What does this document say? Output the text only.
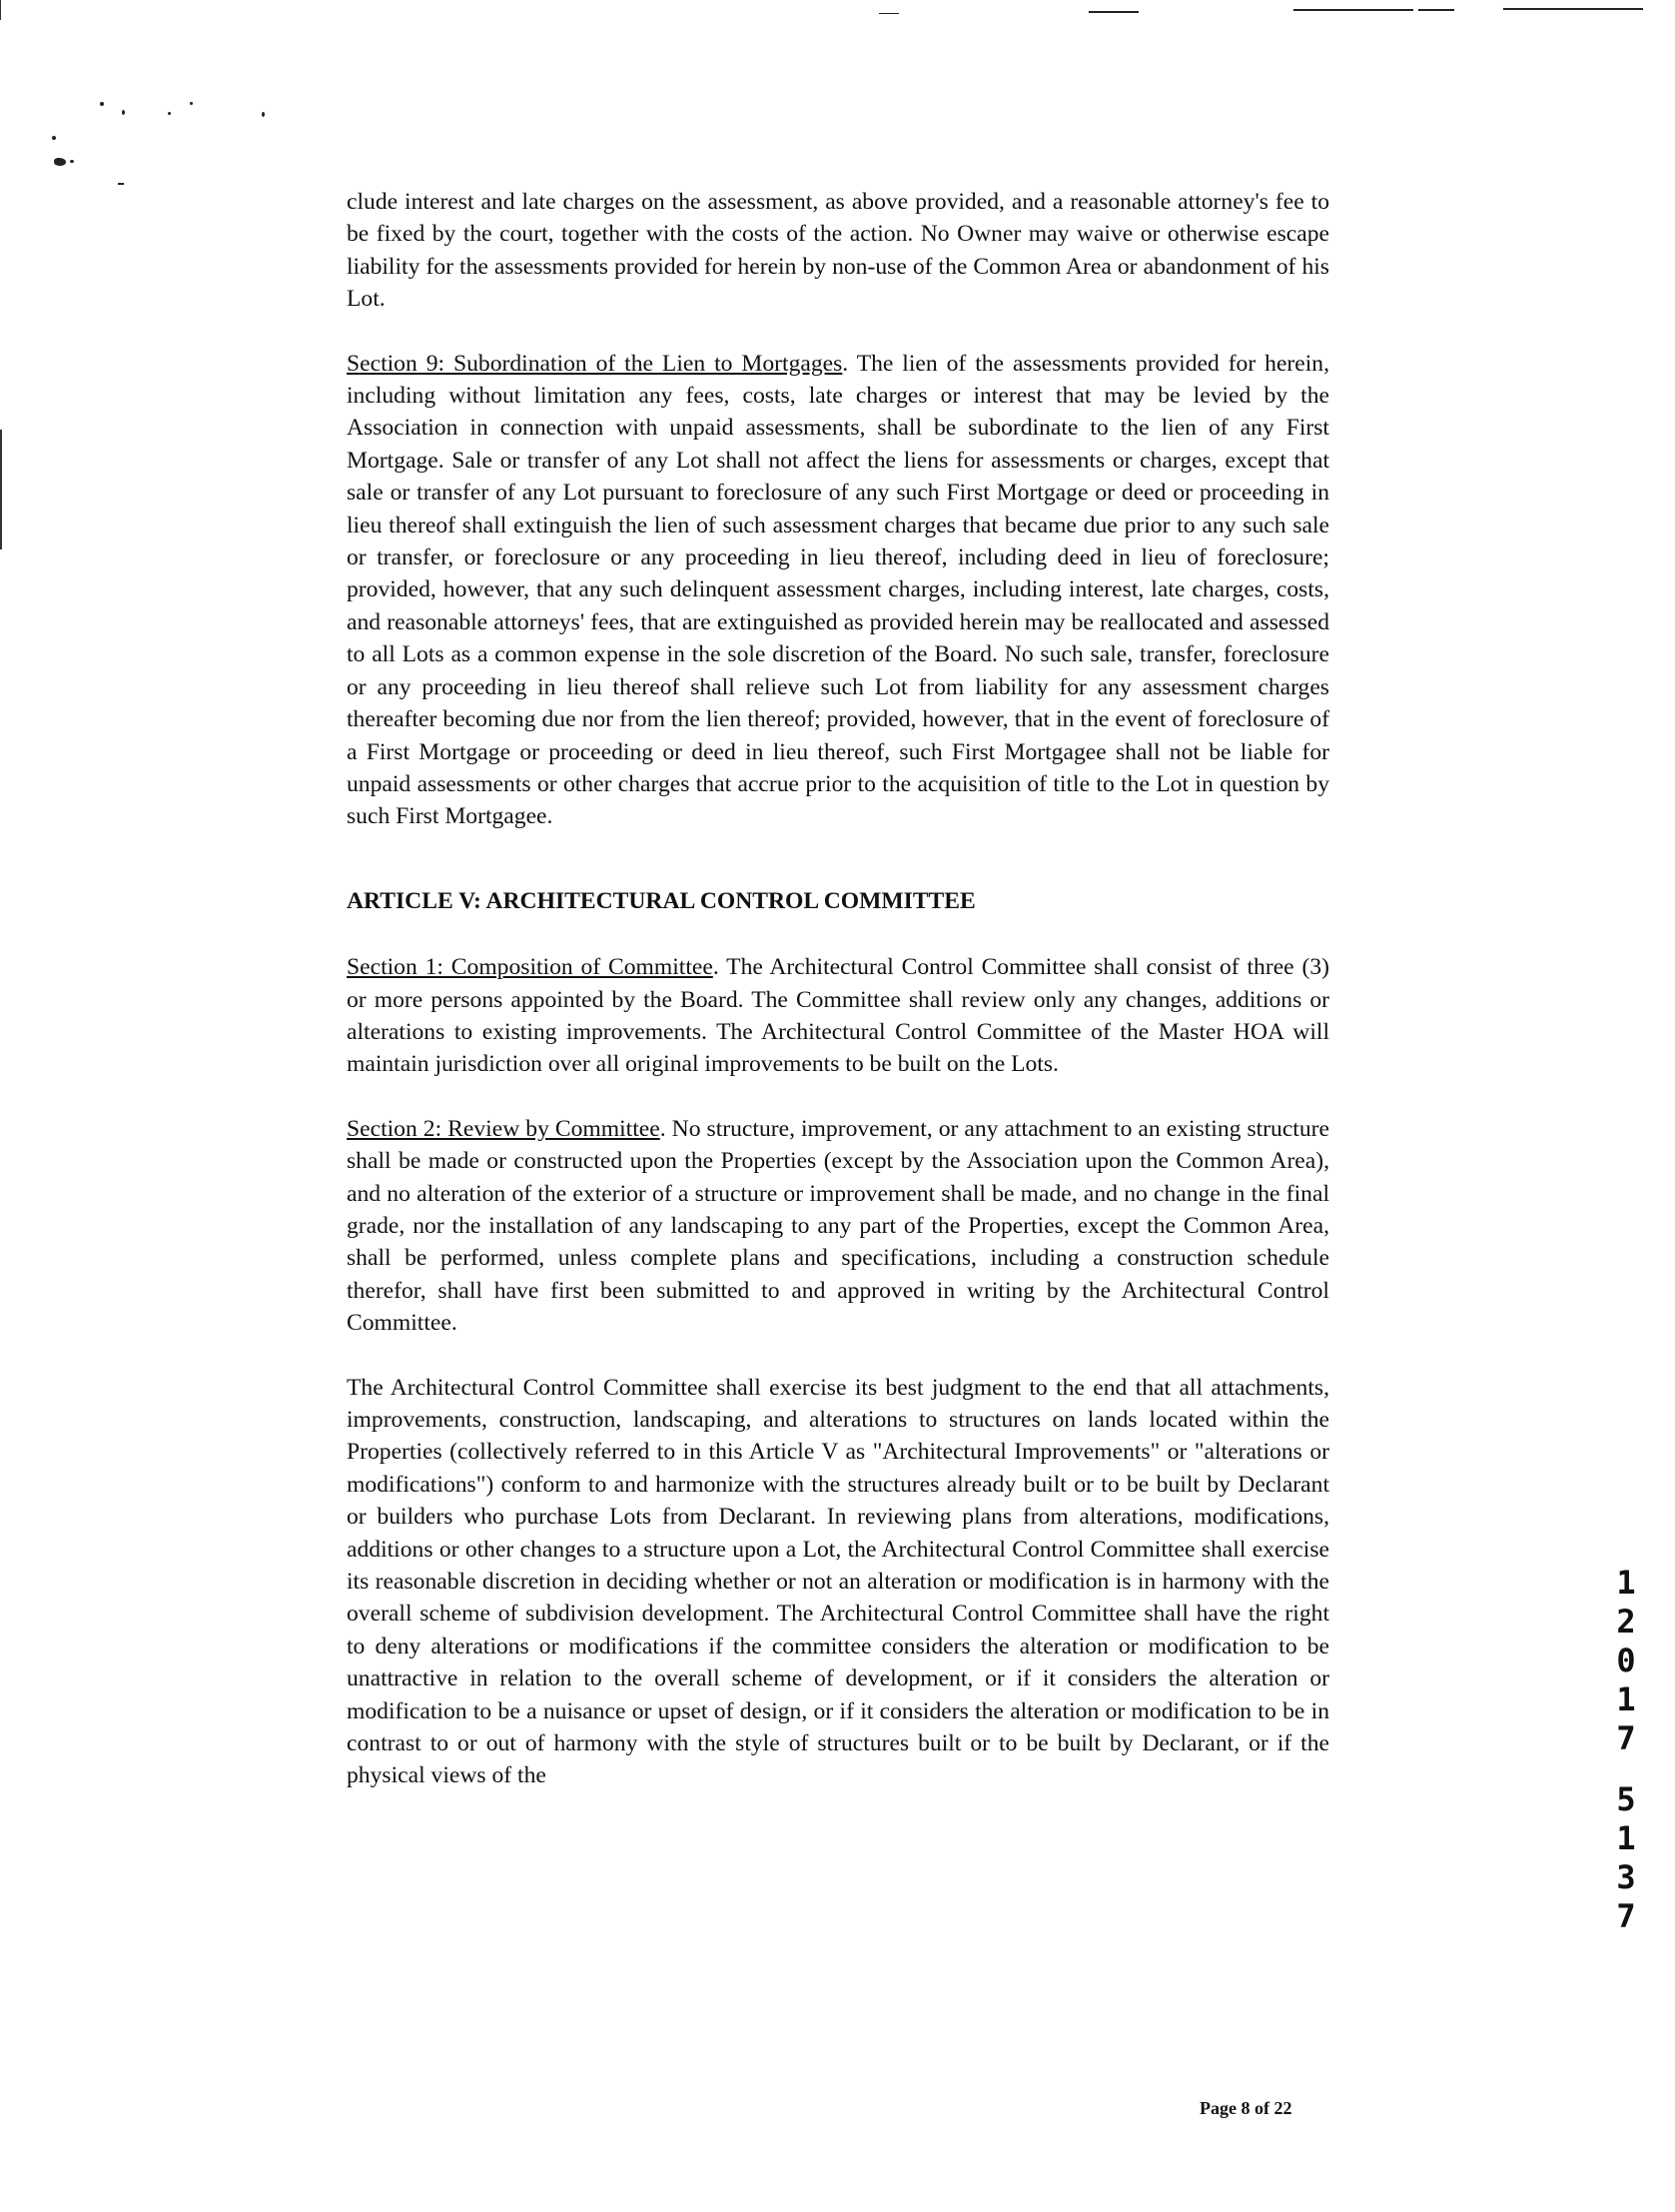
clude interest and late charges on the assessment, as above provided, and a reasonable attorney's fee to be fixed by the court, together with the costs of the action. No Owner may waive or otherwise escape liability for the assessments provided for herein by non-use of the Common Area or abandonment of his Lot.

Section 9: Subordination of the Lien to Mortgages. The lien of the assessments provided for herein, including without limitation any fees, costs, late charges or interest that may be levied by the Association in connection with unpaid assessments, shall be subordinate to the lien of any First Mortgage. Sale or transfer of any Lot shall not affect the liens for assessments or charges, except that sale or transfer of any Lot pursuant to foreclosure of any such First Mortgage or deed or proceeding in lieu thereof shall extinguish the lien of such assessment charges that became due prior to any such sale or transfer, or foreclosure or any proceeding in lieu thereof, including deed in lieu of foreclosure; provided, however, that any such delinquent assessment charges, including interest, late charges, costs, and reasonable attorneys' fees, that are extinguished as provided herein may be reallocated and assessed to all Lots as a common expense in the sole discretion of the Board. No such sale, transfer, foreclosure or any proceeding in lieu thereof shall relieve such Lot from liability for any assessment charges thereafter becoming due nor from the lien thereof; provided, however, that in the event of foreclosure of a First Mortgage or proceeding or deed in lieu thereof, such First Mortgagee shall not be liable for unpaid assessments or other charges that accrue prior to the acquisition of title to the Lot in question by such First Mortgagee.

ARTICLE V: ARCHITECTURAL CONTROL COMMITTEE

Section 1: Composition of Committee. The Architectural Control Committee shall consist of three (3) or more persons appointed by the Board. The Committee shall review only any changes, additions or alterations to existing improvements. The Architectural Control Committee of the Master HOA will maintain jurisdiction over all original improvements to be built on the Lots.

Section 2: Review by Committee. No structure, improvement, or any attachment to an existing structure shall be made or constructed upon the Properties (except by the Association upon the Common Area), and no alteration of the exterior of a structure or improvement shall be made, and no change in the final grade, nor the installation of any landscaping to any part of the Properties, except the Common Area, shall be performed, unless complete plans and specifications, including a construction schedule therefor, shall have first been submitted to and approved in writing by the Architectural Control Committee.

The Architectural Control Committee shall exercise its best judgment to the end that all attachments, improvements, construction, landscaping, and alterations to structures on lands located within the Properties (collectively referred to in this Article V as "Architectural Improvements" or "alterations or modifications") conform to and harmonize with the structures already built or to be built by Declarant or builders who purchase Lots from Declarant. In reviewing plans from alterations, modifications, additions or other changes to a structure upon a Lot, the Architectural Control Committee shall exercise its reasonable discretion in deciding whether or not an alteration or modification is in harmony with the overall scheme of subdivision development. The Architectural Control Committee shall have the right to deny alterations or modifications if the committee considers the alteration or modification to be unattractive in relation to the overall scheme of development, or if it considers the alteration or modification to be a nuisance or upset of design, or if it considers the alteration or modification to be in contrast to or out of harmony with the style of structures built or to be built by Declarant, or if the physical views of the

1
2
0
1
7
5
1
3
7
Page 8 of 22
